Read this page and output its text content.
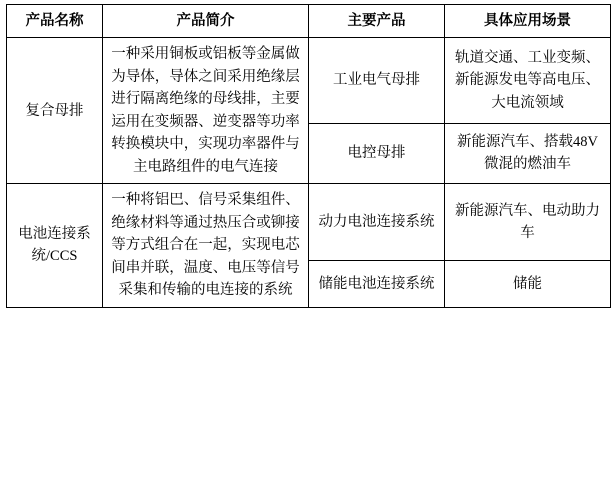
产品名称	产品简介	主要产品	具体应用场景
复合母排	一种采用铜板或铝板等金属做为导体，导体之间采用绝缘层进行隔离绝缘的母线排，主要运用在变频器、逆变器等功率转换模块中，实现功率器件与主电路组件的电气连接	工业电气母排	轨道交通、工业变频、新能源发电等高电压、大电流领域
		电控母排	新能源汽车、搭载48V微混的燃油车
电池连接系统/CCS	一种将铝巴、信号采集组件、绝缘材料等通过热压合或铆接等方式组合在一起，实现电芯间串并联，温度、电压等信号采集和传输的电连接的系统	动力电池连接系统	新能源汽车、电动助力车
		储能电池连接系统	储能
